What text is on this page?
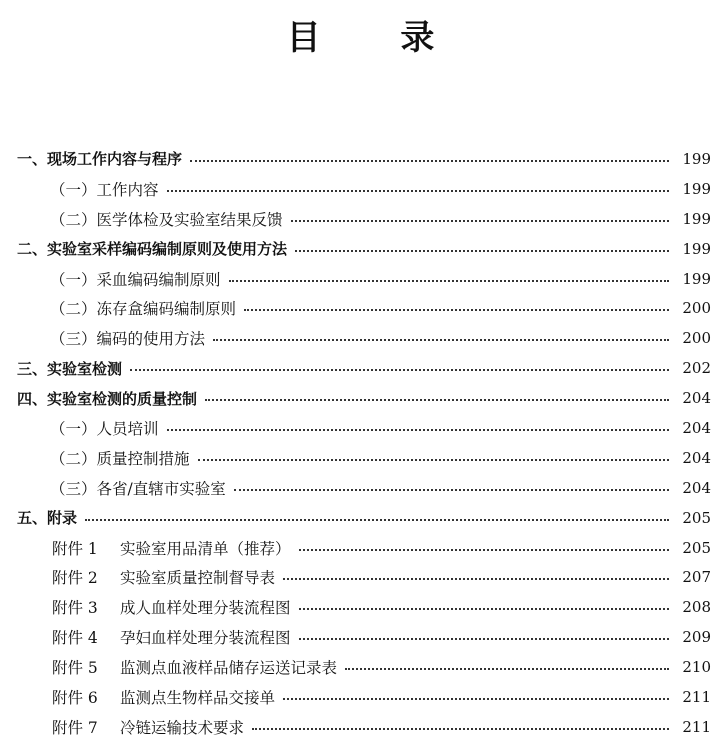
目 录
一、现场工作内容与程序	199
（一）工作内容	199
（二）医学体检及实验室结果反馈	199
二、实验室采样编码编制原则及使用方法	199
（一）采血编码编制原则	199
（二）冻存盒编码编制原则	200
（三）编码的使用方法	200
三、实验室检测	202
四、实验室检测的质量控制	204
（一）人员培训	204
（二）质量控制措施	204
（三）各省/直辖市实验室	204
五、附录	205
附件 1 实验室用品清单（推荐）	205
附件 2 实验室质量控制督导表	207
附件 3 成人血样处理分装流程图	208
附件 4 孕妇血样处理分装流程图	209
附件 5 监测点血液样品储存运送记录表	210
附件 6 监测点生物样品交接单	211
附件 7 冷链运输技术要求	211
